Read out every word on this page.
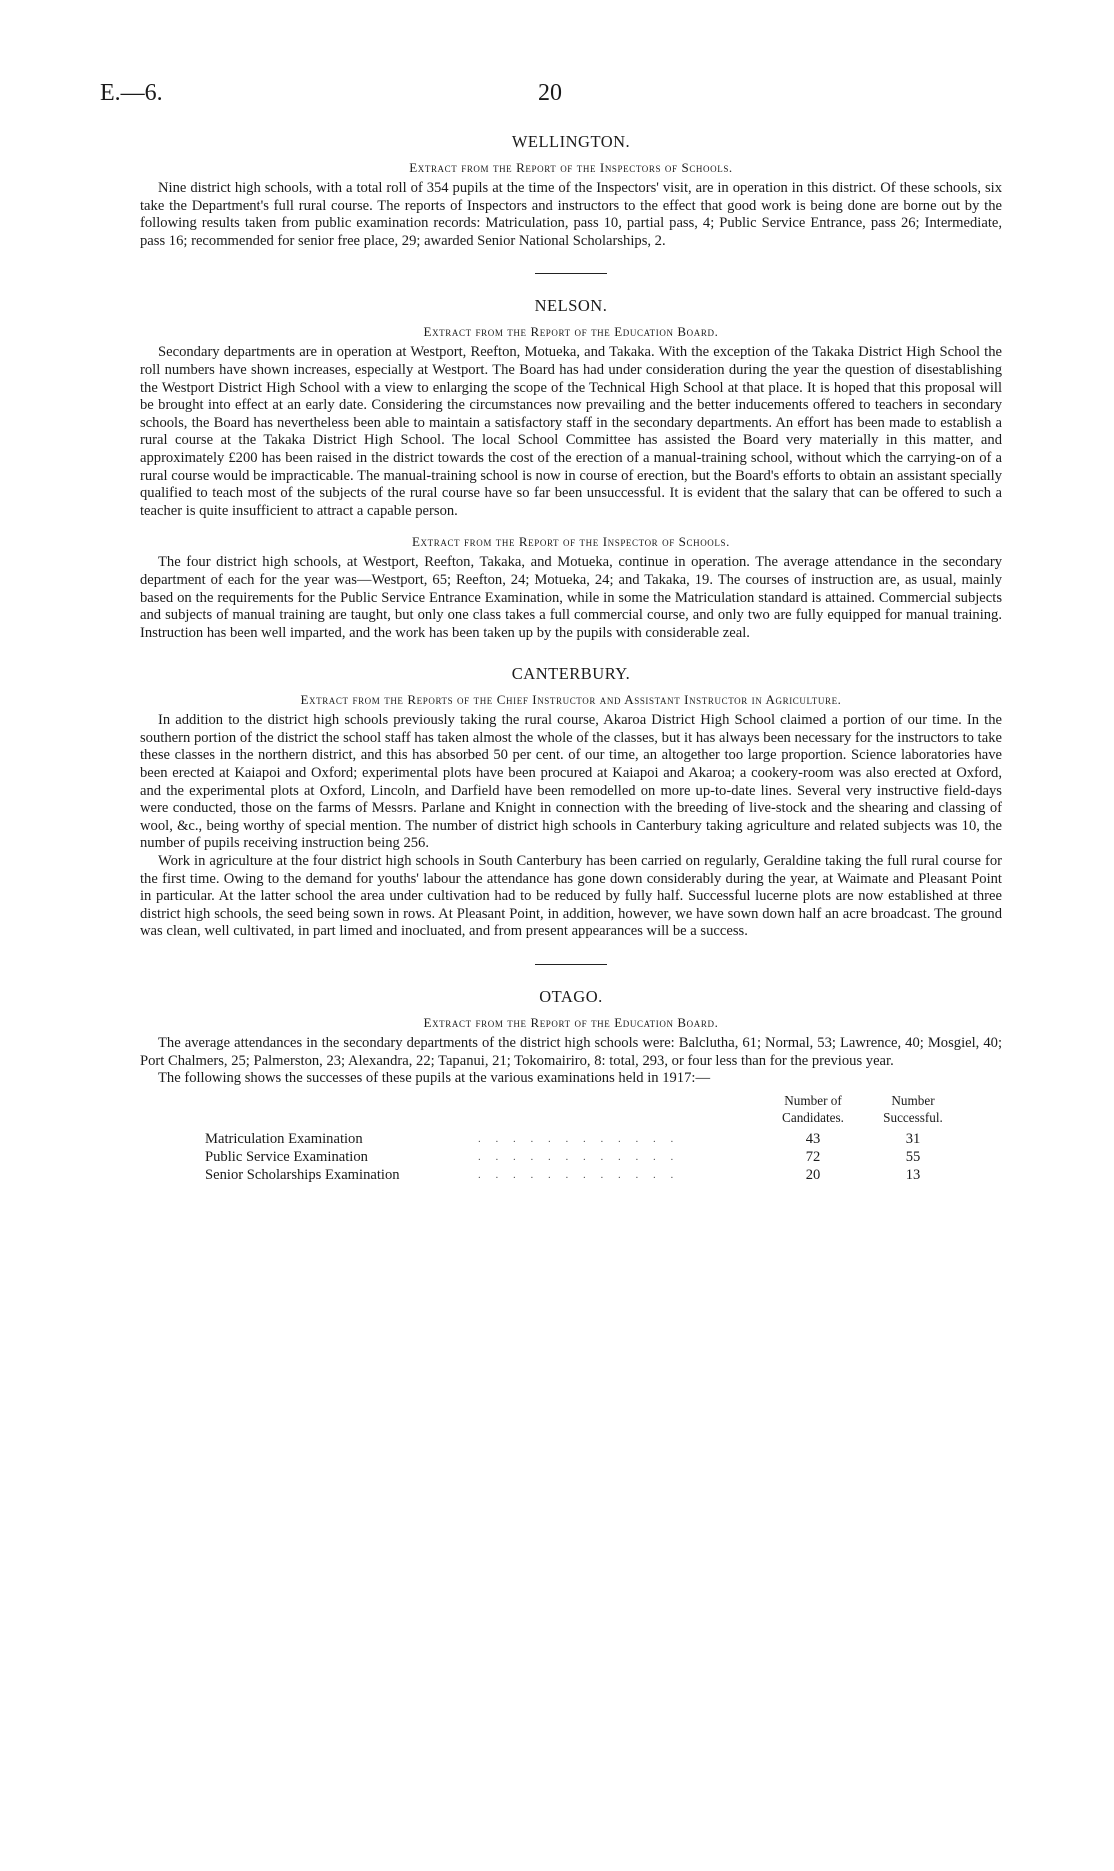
E.—6.	20
WELLINGTON.
Extract from the Report of the Inspectors of Schools.

Nine district high schools, with a total roll of 354 pupils at the time of the Inspectors' visit, are in operation in this district. Of these schools, six take the Department's full rural course. The reports of Inspectors and instructors to the effect that good work is being done are borne out by the following results taken from public examination records: Matriculation, pass 10, partial pass, 4; Public Service Entrance, pass 26; Intermediate, pass 16; recommended for senior free place, 29; awarded Senior National Scholarships, 2.

NELSON.
Extract from the Report of the Education Board.

Secondary departments are in operation at Westport, Reefton, Motueka, and Takaka. With the exception of the Takaka District High School the roll numbers have shown increases, especially at Westport. The Board has had under consideration during the year the question of disestablishing the Westport District High School with a view to enlarging the scope of the Technical High School at that place. It is hoped that this proposal will be brought into effect at an early date. Considering the circumstances now prevailing and the better inducements offered to teachers in secondary schools, the Board has nevertheless been able to maintain a satisfactory staff in the secondary departments. An effort has been made to establish a rural course at the Takaka District High School. The local School Committee has assisted the Board very materially in this matter, and approximately £200 has been raised in the district towards the cost of the erection of a manual-training school, without which the carrying-on of a rural course would be impracticable. The manual-training school is now in course of erection, but the Board's efforts to obtain an assistant specially qualified to teach most of the subjects of the rural course have so far been unsuccessful. It is evident that the salary that can be offered to such a teacher is quite insufficient to attract a capable person.

Extract from the Report of the Inspector of Schools.

The four district high schools, at Westport, Reefton, Takaka, and Motueka, continue in operation. The average attendance in the secondary department of each for the year was—Westport, 65; Reefton, 24; Motueka, 24; and Takaka, 19. The courses of instruction are, as usual, mainly based on the requirements for the Public Service Entrance Examination, while in some the Matriculation standard is attained. Commercial subjects and subjects of manual training are taught, but only one class takes a full commercial course, and only two are fully equipped for manual training. Instruction has been well imparted, and the work has been taken up by the pupils with considerable zeal.

CANTERBURY.
Extract from the Reports of the Chief Instructor and Assistant Instructor in Agriculture.

In addition to the district high schools previously taking the rural course, Akaroa District High School claimed a portion of our time. In the southern portion of the district the school staff has taken almost the whole of the classes, but it has always been necessary for the instructors to take these classes in the northern district, and this has absorbed 50 per cent. of our time, an altogether too large proportion. Science laboratories have been erected at Kaiapoi and Oxford; experimental plots have been procured at Kaiapoi and Akaroa; a cookery-room was also erected at Oxford, and the experimental plots at Oxford, Lincoln, and Darfield have been remodelled on more up-to-date lines. Several very instructive field-days were conducted, those on the farms of Messrs. Parlane and Knight in connection with the breeding of live-stock and the shearing and classing of wool, &c., being worthy of special mention. The number of district high schools in Canterbury taking agriculture and related subjects was 10, the number of pupils receiving instruction being 256.

Work in agriculture at the four district high schools in South Canterbury has been carried on regularly, Geraldine taking the full rural course for the first time. Owing to the demand for youths' labour the attendance has gone down considerably during the year, at Waimate and Pleasant Point in particular. At the latter school the area under cultivation had to be reduced by fully half. Successful lucerne plots are now established at three district high schools, the seed being sown in rows. At Pleasant Point, in addition, however, we have sown down half an acre broadcast. The ground was clean, well cultivated, in part limed and inocluated, and from present appearances will be a success.

OTAGO.
Extract from the Report of the Education Board.

The average attendances in the secondary departments of the district high schools were: Balclutha, 61; Normal, 53; Lawrence, 40; Mosgiel, 40; Port Chalmers, 25; Palmerston, 23; Alexandra, 22; Tapanui, 21; Tokomairiro, 8: total, 293, or four less than for the previous year.

The following shows the successes of these pupils at the various examinations held in 1917:—

Number of Candidates.
Number Successful.
Matriculation Examination	. . . . . . . . . . . .	43	31
Public Service Examination	. . . . . . . . . . . .	72	55
Senior Scholarships Examination	. . . . . . . . . . . .	20	13
